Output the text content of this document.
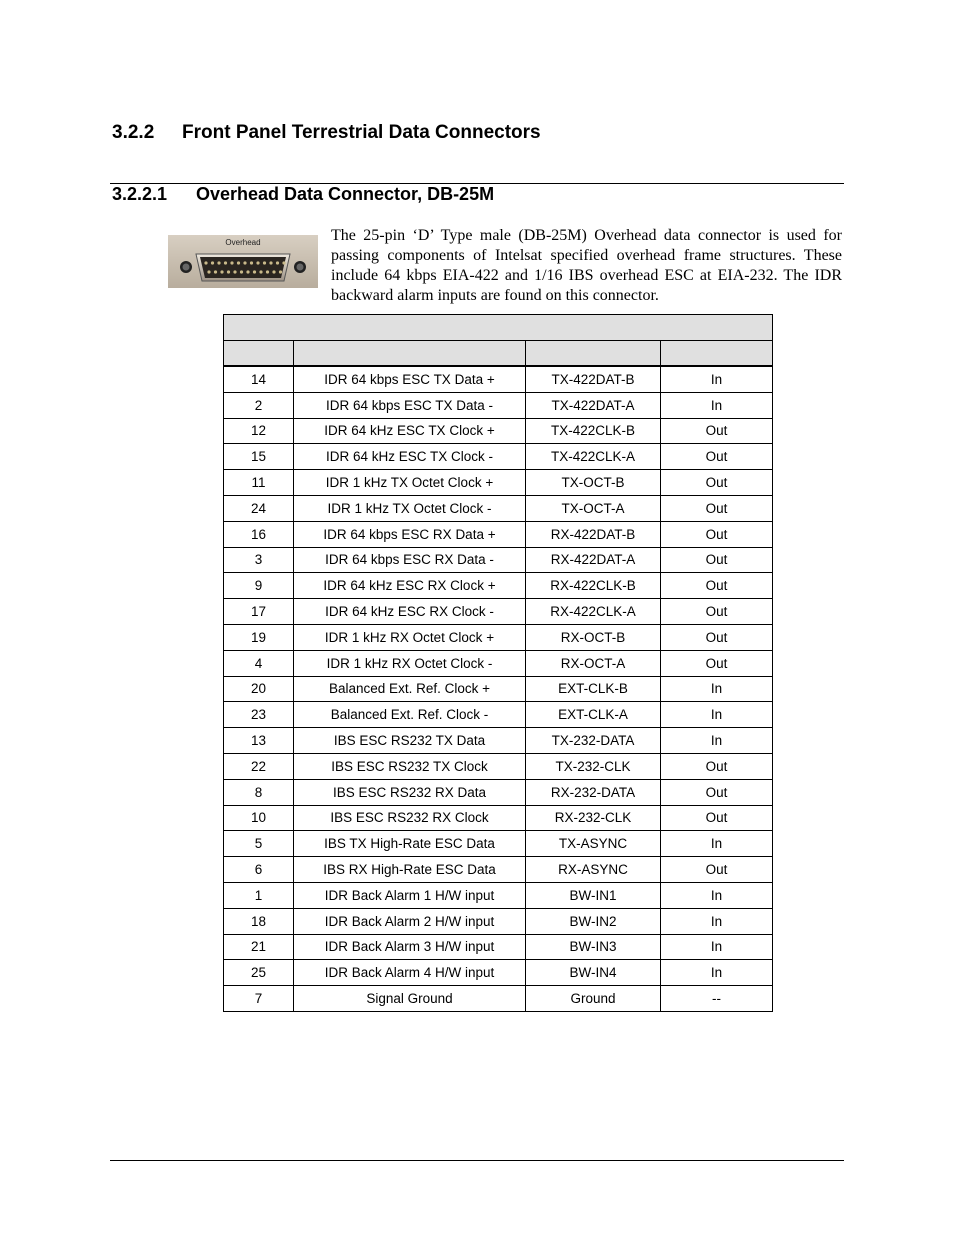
3.2.2 Front Panel Terrestrial Data Connectors
3.2.2.1 Overhead Data Connector, DB-25M
Overhead	The 25-pin ‘D’ Type male (DB-25M) Overhead data connector is used for passing components of Intelsat specified overhead frame structures. These include 64 kbps EIA-422 and 1/16 IBS overhead ESC at EIA-232. The IDR backward alarm inputs are found on this connector.

14	IDR 64 kbps ESC TX Data +	TX-422DAT-B	In
2	IDR 64 kbps ESC TX Data -	TX-422DAT-A	In
12	IDR 64 kHz ESC TX Clock +	TX-422CLK-B	Out
15	IDR 64 kHz ESC TX Clock -	TX-422CLK-A	Out
11	IDR 1 kHz TX Octet Clock +	TX-OCT-B	Out
24	IDR 1 kHz TX Octet Clock -	TX-OCT-A	Out
16	IDR 64 kbps ESC RX Data +	RX-422DAT-B	Out
3	IDR 64 kbps ESC RX Data -	RX-422DAT-A	Out
9	IDR 64 kHz ESC RX Clock +	RX-422CLK-B	Out
17	IDR 64 kHz ESC RX Clock -	RX-422CLK-A	Out
19	IDR 1 kHz RX Octet Clock +	RX-OCT-B	Out
4	IDR 1 kHz RX Octet Clock -	RX-OCT-A	Out
20	Balanced Ext. Ref. Clock +	EXT-CLK-B	In
23	Balanced Ext. Ref. Clock -	EXT-CLK-A	In
13	IBS ESC RS232 TX Data	TX-232-DATA	In
22	IBS ESC RS232 TX Clock	TX-232-CLK	Out
8	IBS ESC RS232 RX Data	RX-232-DATA	Out
10	IBS ESC RS232 RX Clock	RX-232-CLK	Out
5	IBS TX High-Rate ESC Data	TX-ASYNC	In
6	IBS RX High-Rate ESC Data	RX-ASYNC	Out
1	IDR Back Alarm 1 H/W input	BW-IN1	In
18	IDR Back Alarm 2 H/W input	BW-IN2	In
21	IDR Back Alarm 3 H/W input	BW-IN3	In
25	IDR Back Alarm 4 H/W input	BW-IN4	In
7	Signal Ground	Ground	--
